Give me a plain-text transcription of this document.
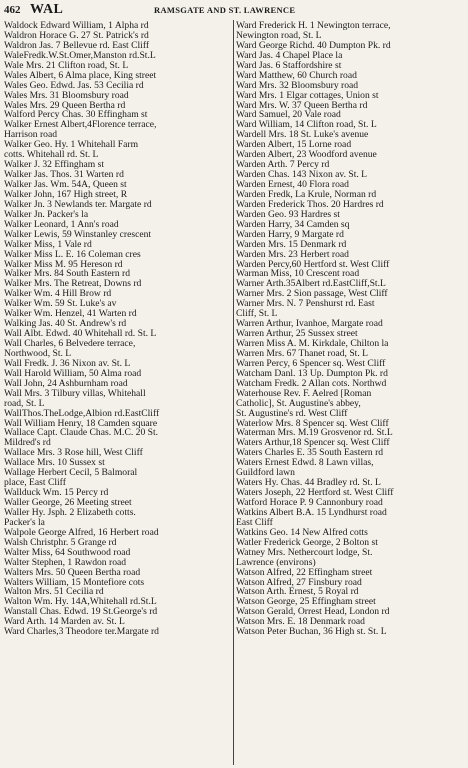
462 WAL	RAMSGATE AND ST. LAWRENCE
Waldock Edward William, 1 Alpha rd
Waldron Horace G. 27 St. Patrick's rd
Waldron Jas. 7 Bellevue rd. East Cliff
WaleFredk.W.St.Omer,Manston rd.St.L
Wale Mrs. 21 Clifton road, St. L
Wales Albert, 6 Alma place, King street
Wales Geo. Edwd. Jas. 53 Cecilia rd
Wales Mrs. 31 Bloomsbury road
Wales Mrs. 29 Queen Bertha rd
Walford Percy Chas. 30 Effingham st
Walker Ernest Albert,4Florence terrace,
Harrison road
Walker Geo. Hy. 1 Whitehall Farm
cotts. Whitehall rd. St. L
Walker J. 32 Effingham st
Walker Jas. Thos. 31 Warten rd
Walker Jas. Wm. 54A, Queen st
Walker John, 167 High street, R
Walker Jn. 3 Newlands ter. Margate rd
Walker Jn. Packer's la
Walker Leonard, 1 Ann's road
Walker Lewis, 59 Winstanley crescent
Walker Miss, 1 Vale rd
Walker Miss L. E. 16 Coleman cres
Walker Miss M. 95 Hereson rd
Walker Mrs. 84 South Eastern rd
Walker Mrs. The Retreat, Downs rd
Walker Wm. 4 Hill Brow rd
Walker Wm. 59 St. Luke's av
Walker Wm. Henzel, 41 Warten rd
Walking Jas. 40 St. Andrew's rd
Wall Albt. Edwd. 40 Whitehall rd. St. L
Wall Charles, 6 Belvedere terrace,
Northwood, St. L
Wall Fredk. J. 36 Nixon av. St. L
Wall Harold William, 50 Alma road
Wall John, 24 Ashburnham road
Wall Mrs. 3 Tilbury villas, Whitehall
road, St. L
WallThos.TheLodge,Albion rd.EastCliff
Wall William Henry, 18 Camden square
Wallace Capt. Claude Chas. M.C. 20 St.
Mildred's rd
Wallace Mrs. 3 Rose hill, West Cliff
Wallace Mrs. 10 Sussex st
Wallage Herbert Cecil, 5 Balmoral
place, East Cliff
Wallduck Wm. 15 Percy rd
Waller George, 26 Meeting street
Waller Hy. Jsph. 2 Elizabeth cotts.
Packer's la
Walpole George Alfred, 16 Herbert road
Walsh Christphr. 5 Grange rd
Walter Miss, 64 Southwood road
Walter Stephen, 1 Rawdon road
Walters Mrs. 50 Queen Bertha road
Walters William, 15 Montefiore cots
Walton Mrs. 51 Cecilia rd
Walton Wm. Hy. 14A,Whitehall rd.St.L
Wanstall Chas. Edwd. 19 St.George's rd
Ward Arth. 14 Marden av. St. L
Ward Charles,3 Theodore ter.Margate rd
Ward Frederick H. 1 Newington terrace,
Newington road, St. L
Ward George Richd. 40 Dumpton Pk. rd
Ward Jas. 4 Chapel Place la
Ward Jas. 6 Staffordshire st
Ward Matthew, 60 Church road
Ward Mrs. 32 Bloomsbury road
Ward Mrs. 1 Elgar cottages, Union st
Ward Mrs. W. 37 Queen Bertha rd
Ward Samuel, 20 Vale road
Ward William, 14 Clifton road, St. L
Wardell Mrs. 18 St. Luke's avenue
Warden Albert, 15 Lorne road
Warden Albert, 23 Woodford avenue
Warden Arth. 7 Percy rd
Warden Chas. 143 Nixon av. St. L
Warden Ernest, 40 Flora road
Warden Fredk, La Krule, Norman rd
Warden Frederick Thos. 20 Hardres rd
Warden Geo. 93 Hardres st
Warden Harry, 34 Camden sq
Warden Harry, 9 Margate rd
Warden Mrs. 15 Denmark rd
Warden Mrs. 23 Herbert road
Warden Percy,60 Hertford st. West Cliff
Warman Miss, 10 Crescent road
Warner Arth.35Albert rd.EastCliff,St.L
Warner Mrs. 2 Sion passage, West Cliff
Warner Mrs. N. 7 Penshurst rd. East
Cliff, St. L
Warren Arthur, Ivanhoe, Margate road
Warren Arthur, 25 Sussex street
Warren Miss A. M. Kirkdale, Chilton la
Warren Mrs. 67 Thanet road, St. L
Warren Percy, 6 Spencer sq. West Cliff
Watcham Danl. 13 Up. Dumpton Pk. rd
Watcham Fredk. 2 Allan cots. Northwd
Waterhouse Rev. F. Aelred [Roman
Catholic], St. Augustine's abbey,
St. Augustine's rd. West Cliff
Waterlow Mrs. 8 Spencer sq. West Cliff
Waterman Mrs. M.19 Grosvenor rd. St.L
Waters Arthur,18 Spencer sq. West Cliff
Waters Charles E. 35 South Eastern rd
Waters Ernest Edwd. 8 Lawn villas,
Guildford lawn
Waters Hy. Chas. 44 Bradley rd. St. L
Waters Joseph, 22 Hertford st. West Cliff
Watford Horace P. 9 Cannonbury road
Watkins Albert B.A. 15 Lyndhurst road
East Cliff
Watkins Geo. 14 New Alfred cotts
Watler Frederick George, 2 Bolton st
Watney Mrs. Nethercourt lodge, St.
Lawrence (environs)
Watson Alfred, 22 Effingham street
Watson Alfred, 27 Finsbury road
Watson Arth. Ernest, 5 Royal rd
Watson George, 25 Effingham street
Watson Gerald, Orrest Head, London rd
Watson Mrs. E. 18 Denmark road
Watson Peter Buchan, 36 High st. St. L
